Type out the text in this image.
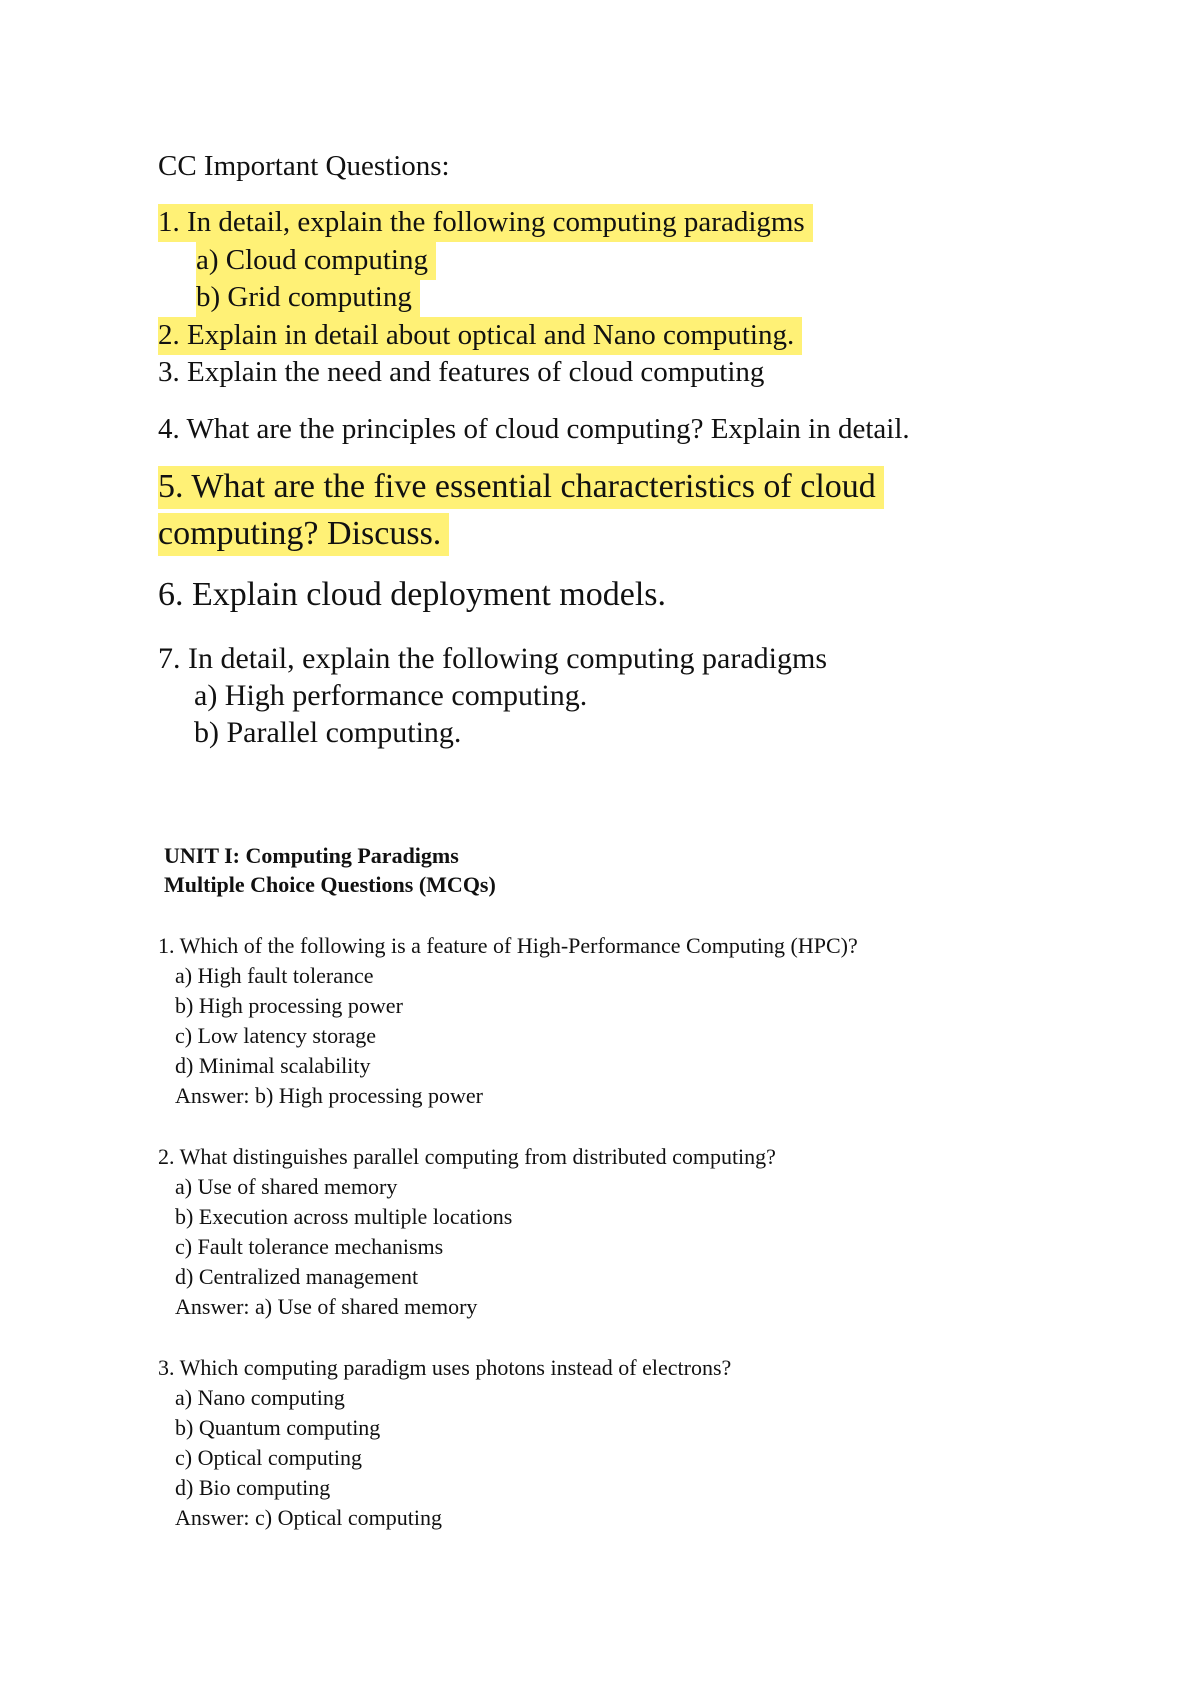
CC Important Questions:
1. In detail, explain the following computing paradigms
a) Cloud computing
b) Grid computing
2. Explain in detail about optical and Nano computing.
3. Explain the need and features of cloud computing
4. What are the principles of cloud computing? Explain in detail.
5. What are the five essential characteristics of cloud
computing? Discuss.
6. Explain cloud deployment models.
7. In detail, explain the following computing paradigms
a) High performance computing.
b) Parallel computing.
UNIT I: Computing Paradigms
Multiple Choice Questions (MCQs)
1. Which of the following is a feature of High-Performance Computing (HPC)?
a) High fault tolerance
b) High processing power
c) Low latency storage
d) Minimal scalability
Answer: b) High processing power
2. What distinguishes parallel computing from distributed computing?
a) Use of shared memory
b) Execution across multiple locations
c) Fault tolerance mechanisms
d) Centralized management
Answer: a) Use of shared memory
3. Which computing paradigm uses photons instead of electrons?
a) Nano computing
b) Quantum computing
c) Optical computing
d) Bio computing
Answer: c) Optical computing
